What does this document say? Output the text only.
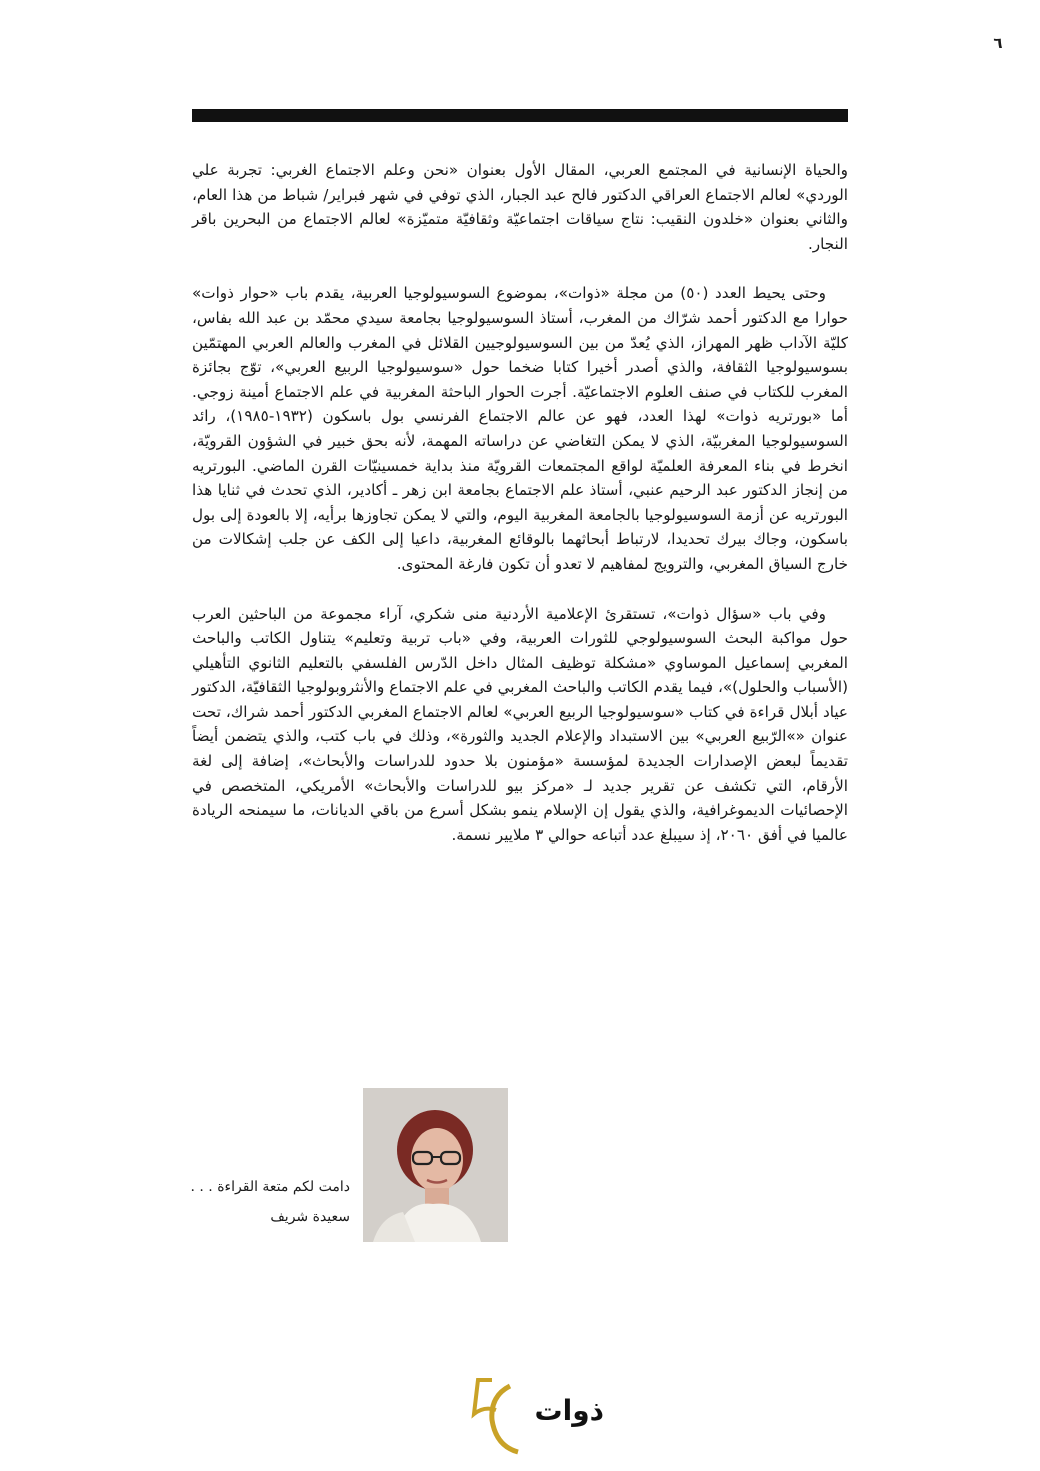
٦

والحياة الإنسانية في المجتمع العربي، المقال الأول بعنوان «نحن وعلم الاجتماع الغربي: تجربة علي الوردي» لعالم الاجتماع العراقي الدكتور فالح عبد الجبار، الذي توفي في شهر فبراير/ شباط من هذا العام، والثاني بعنوان «خلدون النقيب: نتاج سياقات اجتماعيّة وثقافيّة متميّزة» لعالم الاجتماع من البحرين باقر النجار.

وحتى يحيط العدد (٥٠) من مجلة «ذوات»، بموضوع السوسيولوجيا العربية، يقدم باب «حوار ذوات» حوارا مع الدكتور أحمد شرّاك من المغرب، أستاذ السوسيولوجيا بجامعة سيدي محمّد بن عبد الله بفاس، كليّة الآداب ظهر المهراز، الذي يُعدّ من بين السوسيولوجيين القلائل في المغرب والعالم العربي المهتمّين بسوسيولوجيا الثقافة، والذي أصدر أخيرا كتابا ضخما حول «سوسيولوجيا الربيع العربي»، توّج بجائزة المغرب للكتاب في صنف العلوم الاجتماعيّة. أجرت الحوار الباحثة المغربية في علم الاجتماع أمينة زوجي. أما «بورتريه ذوات» لهذا العدد، فهو عن عالم الاجتماع الفرنسي بول باسكون (١٩٣٢-١٩٨٥)، رائد السوسيولوجيا المغربيّة، الذي لا يمكن التغاضي عن دراساته المهمة، لأنه بحق خبير في الشؤون القرويّة، انخرط في بناء المعرفة العلميّة لواقع المجتمعات القرويّة منذ بداية خمسينيّات القرن الماضي. البورتريه من إنجاز الدكتور عبد الرحيم عنبي، أستاذ علم الاجتماع بجامعة ابن زهر ـ أكادير، الذي تحدث في ثنايا هذا البورتريه عن أزمة السوسيولوجيا بالجامعة المغربية اليوم، والتي لا يمكن تجاوزها برأيه، إلا بالعودة إلى بول باسكون، وجاك بيرك تحديدا، لارتباط أبحاثهما بالوقائع المغربية، داعيا إلى الكف عن جلب إشكالات من خارج السياق المغربي، والترويج لمفاهيم لا تعدو أن تكون فارغة المحتوى.

وفي باب «سؤال ذوات»، تستقرئ الإعلامية الأردنية منى شكري، آراء مجموعة من الباحثين العرب حول مواكبة البحث السوسيولوجي للثورات العربية، وفي «باب تربية وتعليم» يتناول الكاتب والباحث المغربي إسماعيل الموساوي «مشكلة توظيف المثال داخل الدّرس الفلسفي بالتعليم الثانوي التأهيلي (الأسباب والحلول)»، فيما يقدم الكاتب والباحث المغربي في علم الاجتماع والأنثروبولوجيا الثقافيّة، الدكتور عياد أبلال قراءة في كتاب «سوسيولوجيا الربيع العربي» لعالم الاجتماع المغربي الدكتور أحمد شراك، تحت عنوان «»الرّبيع العربي» بين الاستبداد والإعلام الجديد والثورة»، وذلك في باب كتب، والذي يتضمن أيضاً تقديماً لبعض الإصدارات الجديدة لمؤسسة «مؤمنون بلا حدود للدراسات والأبحاث»، إضافة إلى لغة الأرقام، التي تكشف عن تقرير جديد لـ «مركز بيو للدراسات والأبحاث» الأمريكي، المتخصص في الإحصائيات الديموغرافية، والذي يقول إن الإسلام ينمو بشكل أسرع من باقي الديانات، ما سيمنحه الريادة عالميا في أفق ٢٠٦٠، إذ سيبلغ عدد أتباعه حوالي ٣ ملايير نسمة.

دامت لكم متعة القراءة . . .
سعيدة شريف
ذوات
